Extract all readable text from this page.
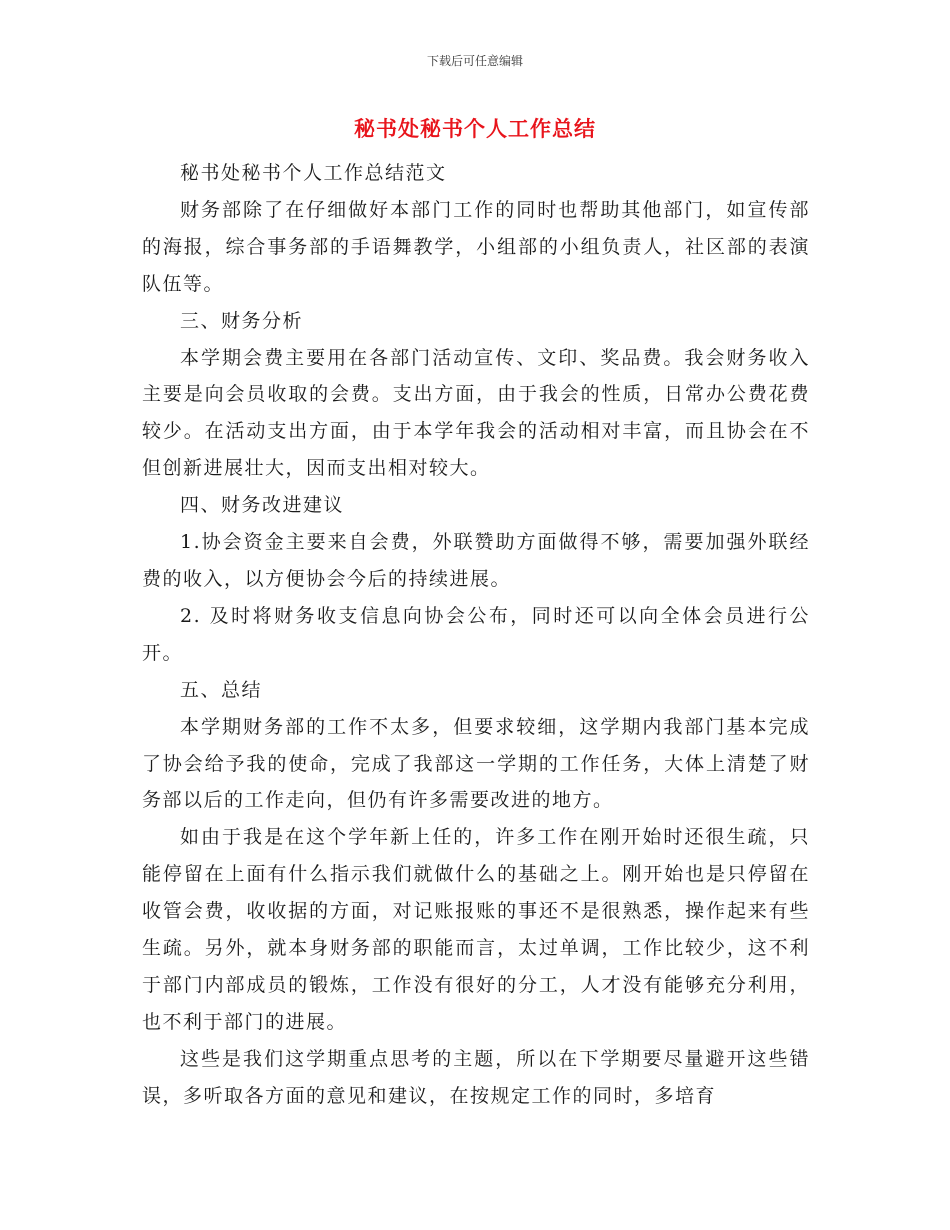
下载后可任意编辑
秘书处秘书个人工作总结

秘书处秘书个人工作总结范文

财务部除了在仔细做好本部门工作的同时也帮助其他部门，如宣传部的海报，综合事务部的手语舞教学，小组部的小组负责人，社区部的表演队伍等。

三、财务分析

本学期会费主要用在各部门活动宣传、文印、奖品费。我会财务收入主要是向会员收取的会费。支出方面，由于我会的性质，日常办公费花费较少。在活动支出方面，由于本学年我会的活动相对丰富，而且协会在不但创新进展壮大，因而支出相对较大。

四、财务改进建议

1.协会资金主要来自会费，外联赞助方面做得不够，需要加强外联经费的收入，以方便协会今后的持续进展。

2. 及时将财务收支信息向协会公布，同时还可以向全体会员进行公开。

五、总结

本学期财务部的工作不太多，但要求较细，这学期内我部门基本完成了协会给予我的使命，完成了我部这一学期的工作任务，大体上清楚了财务部以后的工作走向，但仍有许多需要改进的地方。

如由于我是在这个学年新上任的，许多工作在刚开始时还很生疏，只能停留在上面有什么指示我们就做什么的基础之上。刚开始也是只停留在收管会费，收收据的方面，对记账报账的事还不是很熟悉，操作起来有些生疏。另外，就本身财务部的职能而言，太过单调，工作比较少，这不利于部门内部成员的锻炼，工作没有很好的分工，人才没有能够充分利用，也不利于部门的进展。

这些是我们这学期重点思考的主题，所以在下学期要尽量避开这些错误，多听取各方面的意见和建议，在按规定工作的同时，多培育
